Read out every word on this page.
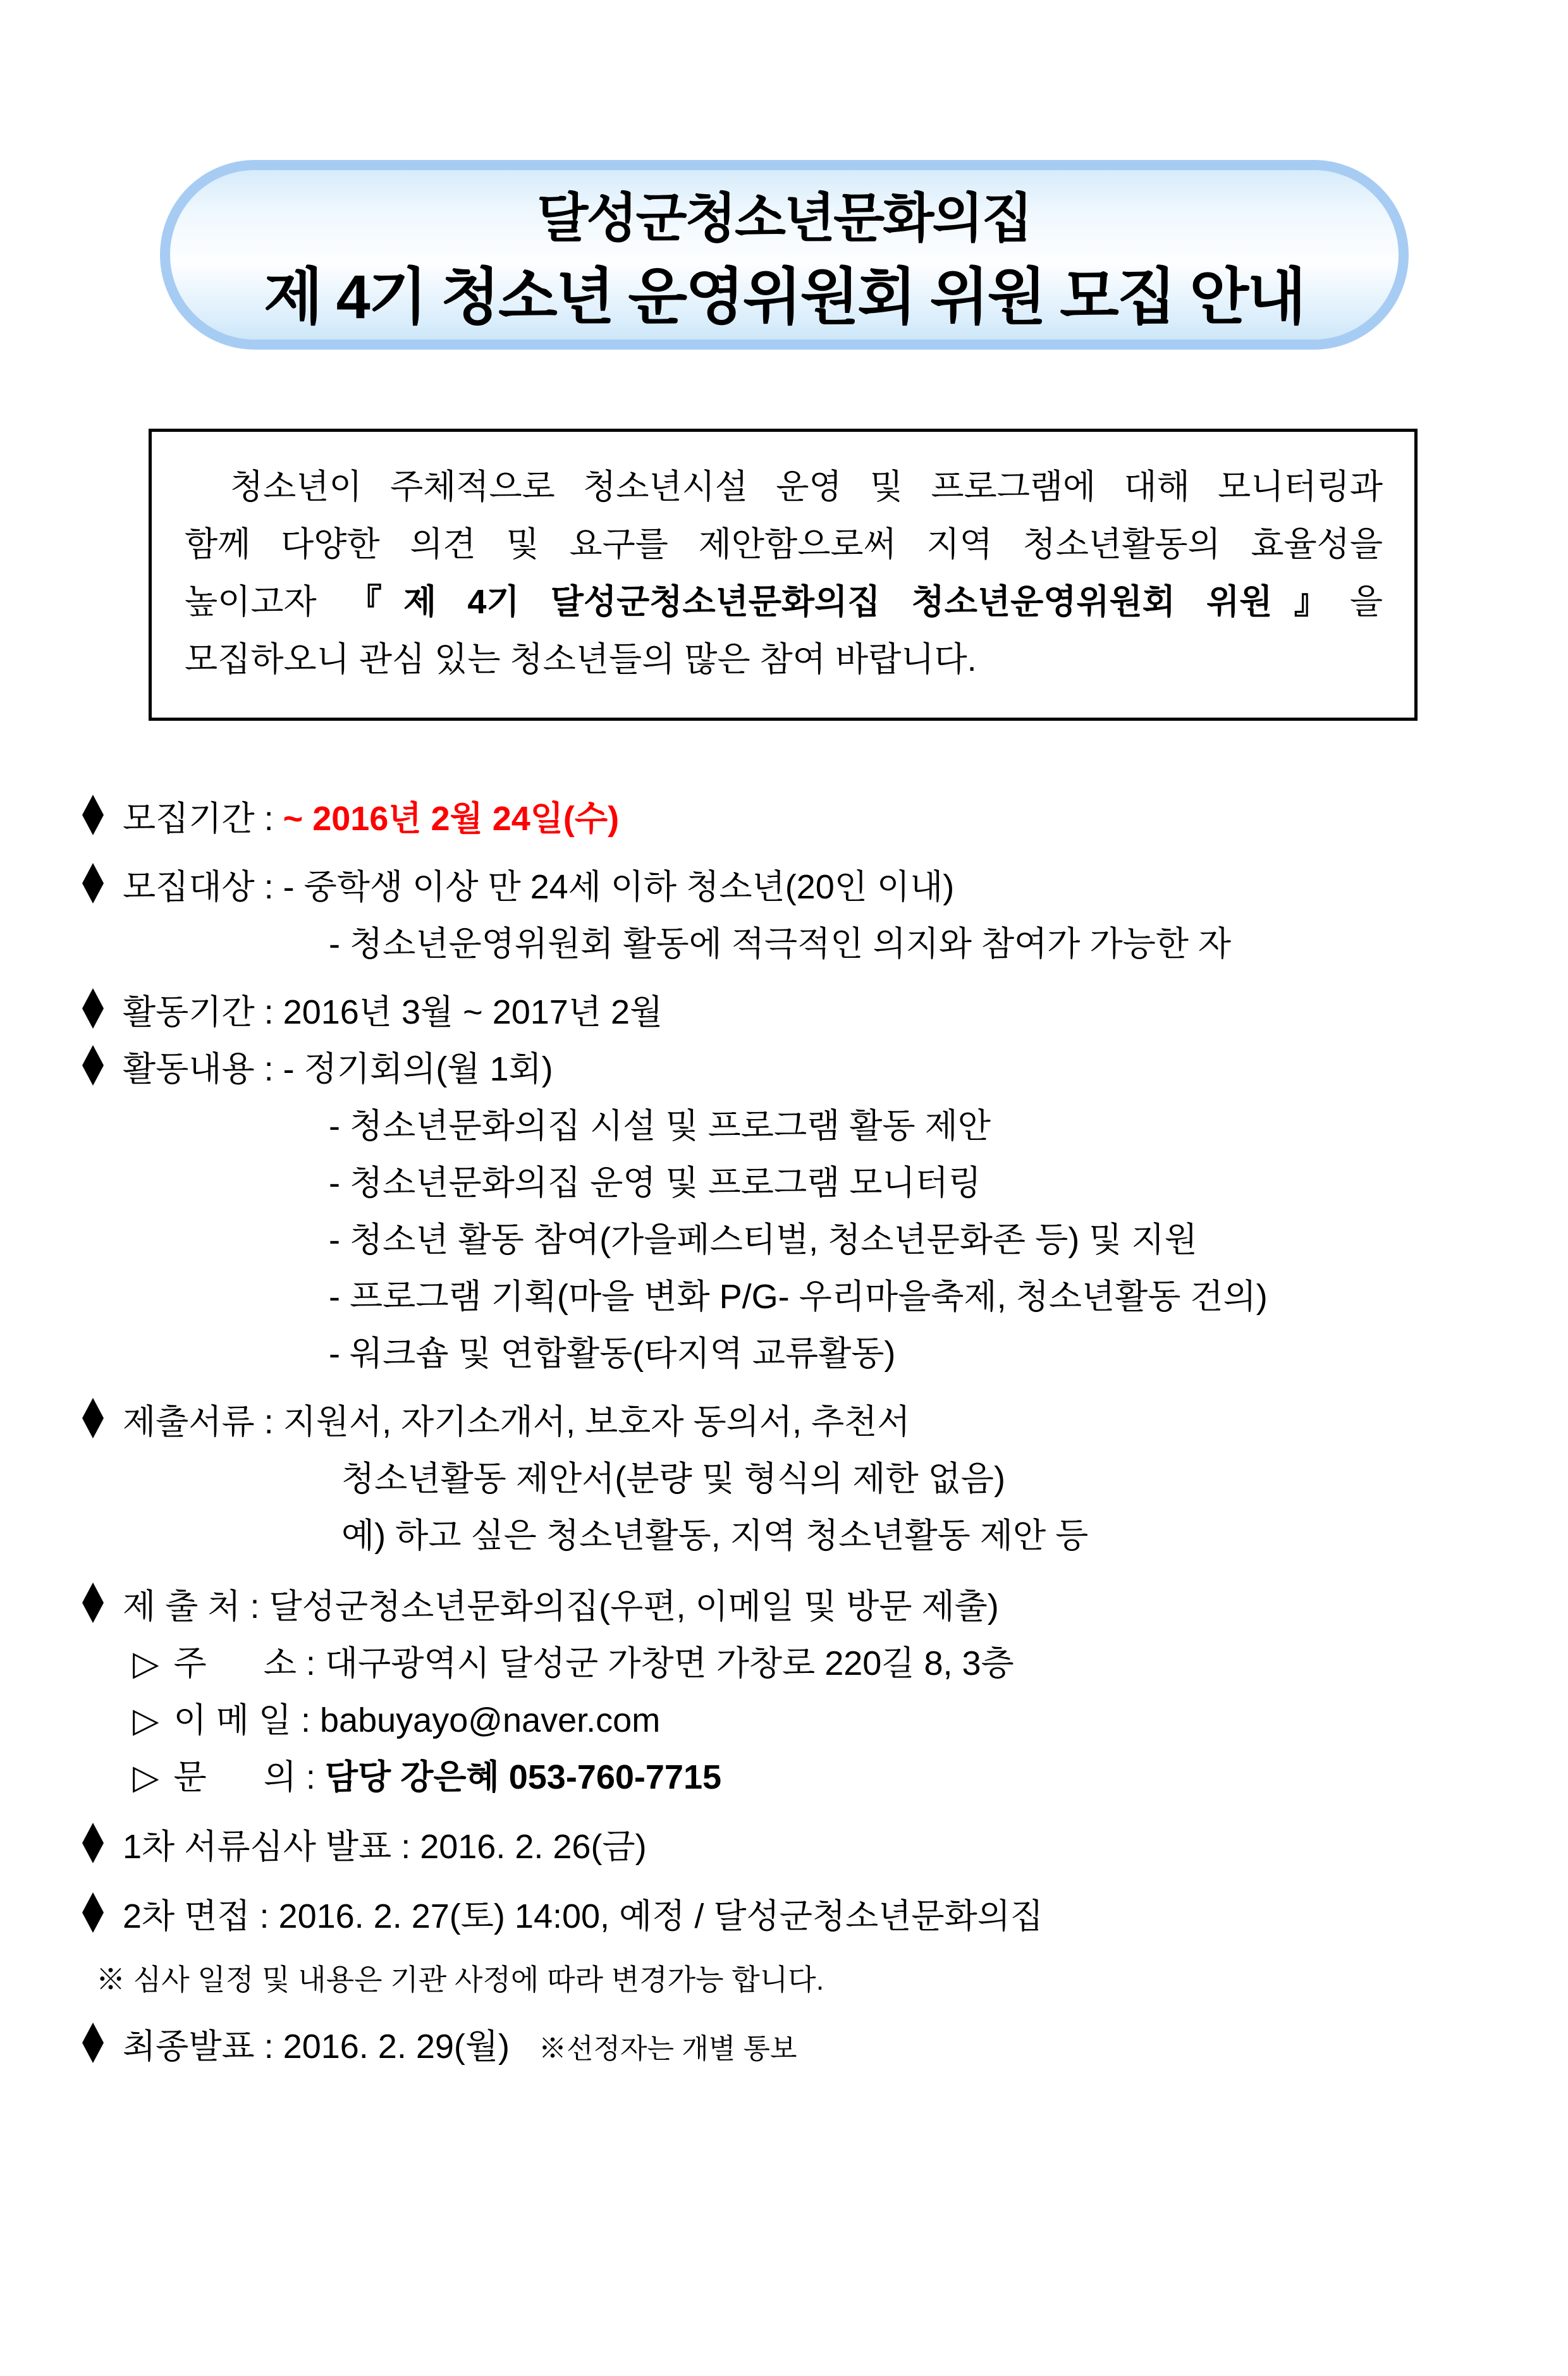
달성군청소년문화의집
제 4기 청소년 운영위원회 위원 모집 안내
청소년이 주체적으로 청소년시설 운영 및 프로그램에 대해 모니터링과
함께 다양한 의견 및 요구를 제안함으로써 지역 청소년활동의 효율성을
높이고자 『제 4기 달성군청소년문화의집 청소년운영위원회 위원』을
모집하오니 관심 있는 청소년들의 많은 참여 바랍니다.
모집기간 : ~ 2016년 2월 24일(수)
모집대상 : - 중학생 이상 만 24세 이하 청소년(20인 이내)
- 청소년운영위원회 활동에 적극적인 의지와 참여가 가능한 자
활동기간 : 2016년 3월 ~ 2017년 2월
활동내용 : - 정기회의(월 1회)
- 청소년문화의집 시설 및 프로그램 활동 제안
- 청소년문화의집 운영 및 프로그램 모니터링
- 청소년 활동 참여(가을페스티벌, 청소년문화존 등) 및 지원
- 프로그램 기획(마을 변화 P/G- 우리마을축제, 청소년활동 건의)
- 워크숍 및 연합활동(타지역 교류활동)
제출서류 : 지원서, 자기소개서, 보호자 동의서, 추천서
청소년활동 제안서(분량 및 형식의 제한 없음)
예) 하고 싶은 청소년활동, 지역 청소년활동 제안 등
제 출 처 : 달성군청소년문화의집(우편, 이메일 및 방문 제출)
▷ 주      소 : 대구광역시 달성군 가창면 가창로 220길 8, 3층
▷ 이 메 일 : babuyayo@naver.com
▷ 문      의 : 담당 강은혜 053-760-7715
1차 서류심사 발표 : 2016. 2. 26(금)
2차 면접 : 2016. 2. 27(토) 14:00, 예정 / 달성군청소년문화의집
※ 심사 일정 및 내용은 기관 사정에 따라 변경가능 합니다.
최종발표 : 2016. 2. 29(월) ※선정자는 개별 통보
